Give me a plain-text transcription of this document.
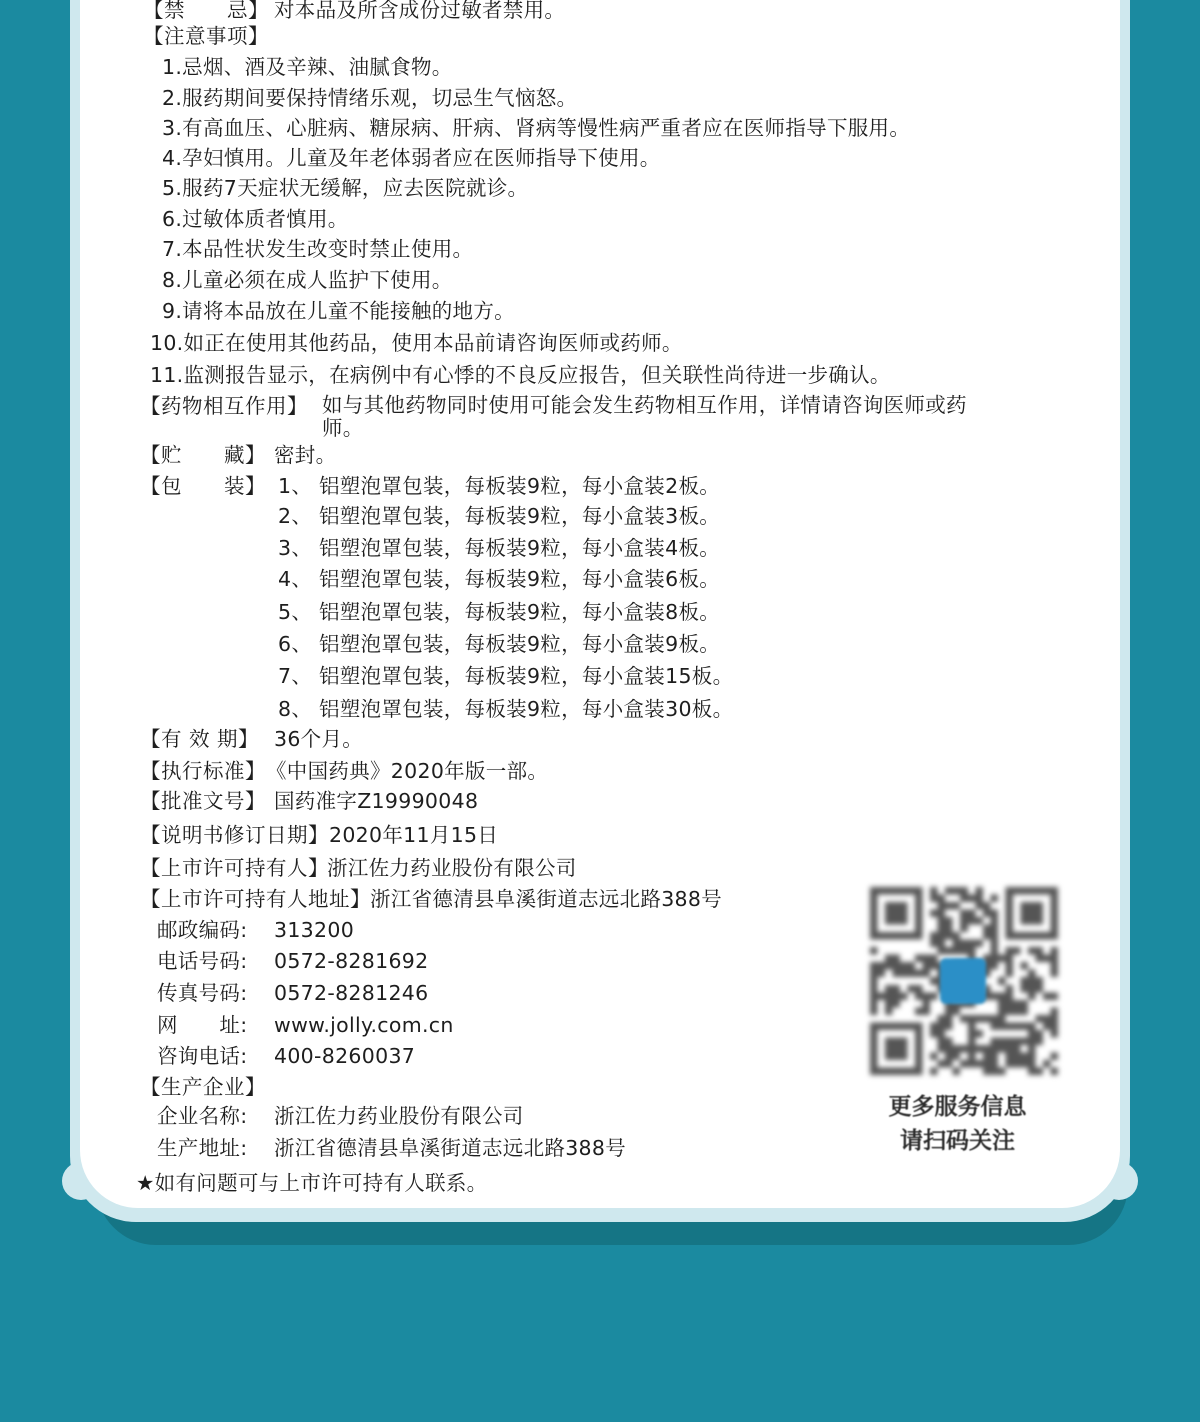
【禁　　忌】 对本品及所含成份过敏者禁用。
【注意事项】
1.忌烟、酒及辛辣、油腻食物。
2.服药期间要保持情绪乐观，切忌生气恼怒。
3.有高血压、心脏病、糖尿病、肝病、肾病等慢性病严重者应在医师指导下服用。
4.孕妇慎用。儿童及年老体弱者应在医师指导下使用。
5.服药7天症状无缓解，应去医院就诊。
6.过敏体质者慎用。
7.本品性状发生改变时禁止使用。
8.儿童必须在成人监护下使用。
9.请将本品放在儿童不能接触的地方。
10.如正在使用其他药品，使用本品前请咨询医师或药师。
11.监测报告显示，在病例中有心悸的不良反应报告，但关联性尚待进一步确认。
【药物相互作用】 如与其他药物同时使用可能会发生药物相互作用，详情请咨询医师或药师。
【贮　　藏】 密封。
【包　　装】 1、 铝塑泡罩包装，每板装9粒，每小盒装2板。
2、 铝塑泡罩包装，每板装9粒，每小盒装3板。
3、 铝塑泡罩包装，每板装9粒，每小盒装4板。
4、 铝塑泡罩包装，每板装9粒，每小盒装6板。
5、 铝塑泡罩包装，每板装9粒，每小盒装8板。
6、 铝塑泡罩包装，每板装9粒，每小盒装9板。
7、 铝塑泡罩包装，每板装9粒，每小盒装15板。
8、 铝塑泡罩包装，每板装9粒，每小盒装30板。
【有 效 期】 36个月。
【执行标准】 《中国药典》2020年版一部。
【批准文号】 国药准字Z19990048
【说明书修订日期】 2020年11月15日
【上市许可持有人】
浙江佐力药业股份有限公司
【上市许可持有人地址】 浙江省德清县阜溪街道志远北路388号
邮政编码: 313200
电话号码: 0572-8281692
传真号码: 0572-8281246
网　　址: www.jolly.com.cn
咨询电话: 400-8260037
【生产企业】
企业名称: 浙江佐力药业股份有限公司
生产地址: 浙江省德清县阜溪街道志远北路388号
★如有问题可与上市许可持有人联系。
更多服务信息
请扫码关注
